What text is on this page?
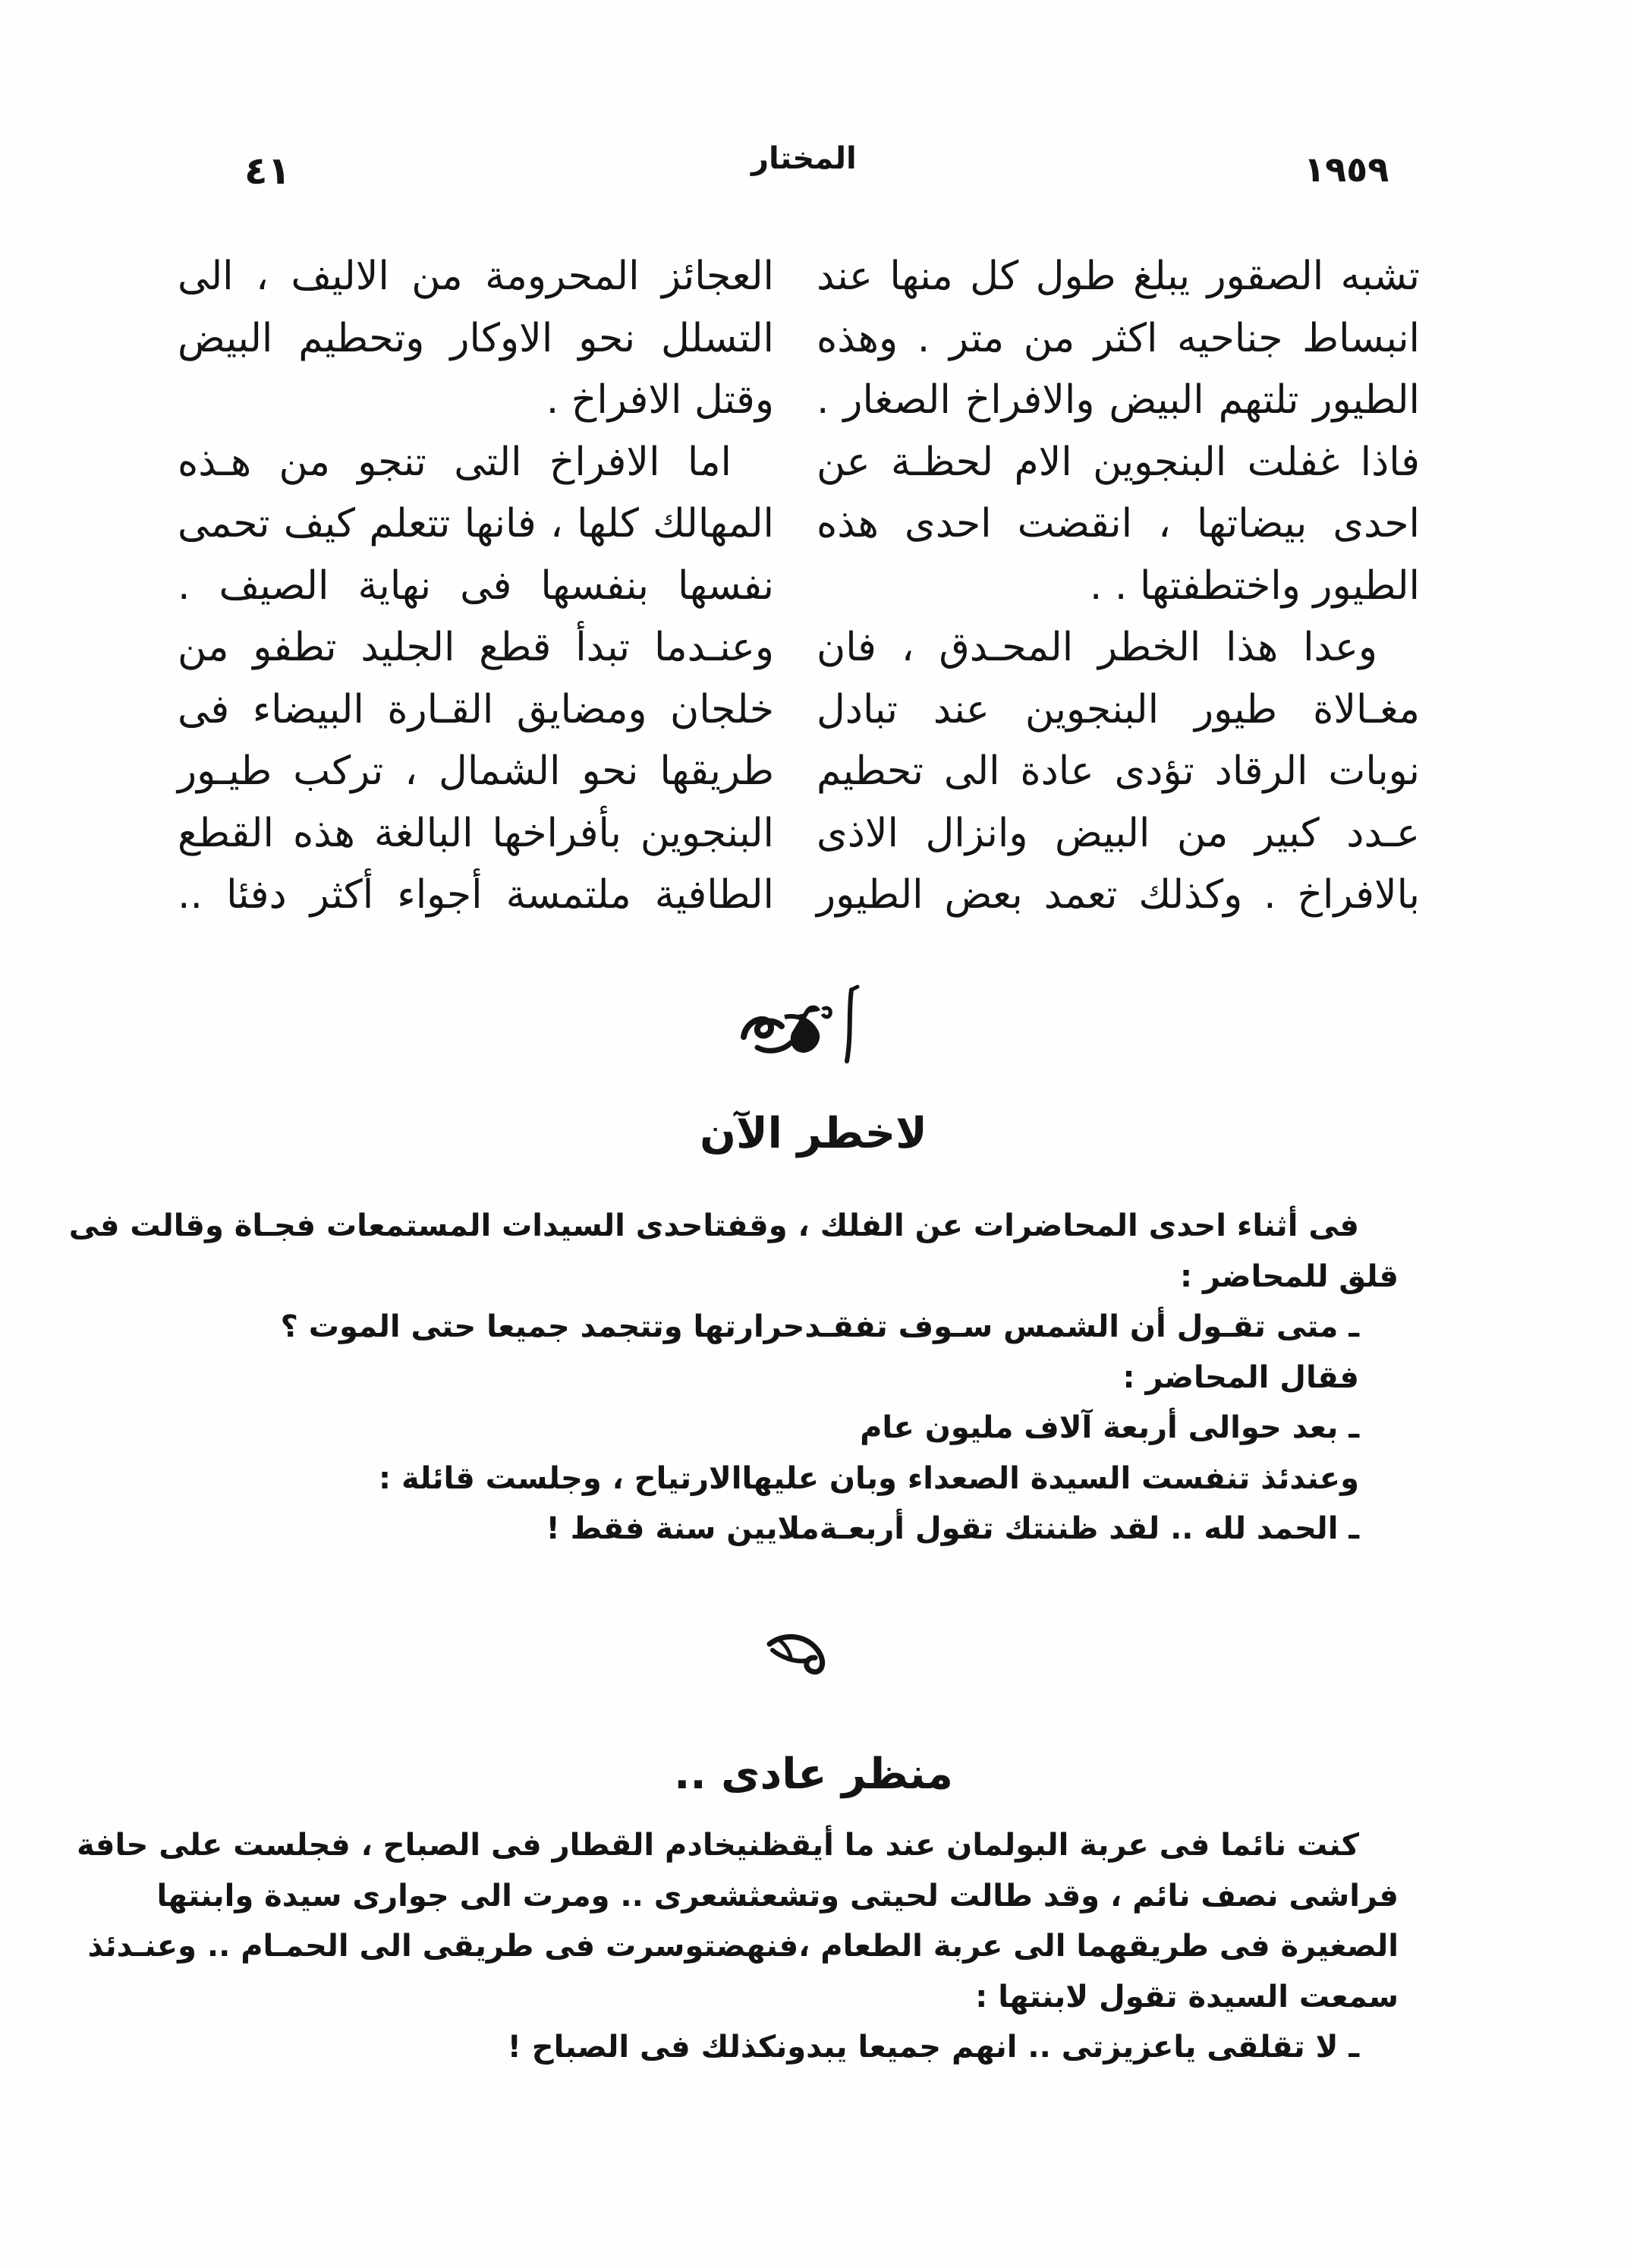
١٩٥٩
المختار
٤١
تشبه الصقور يبلغ طول كل منها عند
انبساط جناحيه اكثر من متر . وهذه
الطيور تلتهم البيض والافراخ الصغار .
فاذا غفلت البنجوين الام لحظـة عن
احدى بيضاتها ، انقضت احدى هذه
الطيور واختطفتها . .
وعدا هذا الخطر المحـدق ، فان
مغـالاة طيور البنجوين عند تبادل
نوبات الرقاد تؤدى عادة الى تحطيم
عـدد كبير من البيض وانزال الاذى
بالافراخ . وكذلك تعمد بعض الطيور
العجائز المحرومة من الاليف ، الى
التسلل نحو الاوكار وتحطيم البيض
وقتل الافراخ .
اما الافراخ التى تنجو من هـذه
المهالك كلها ، فانها تتعلم كيف تحمى
نفسها بنفسها فى نهاية الصيف .
وعنـدما تبدأ قطع الجليد تطفو من
خلجان ومضايق القـارة البيضاء فى
طريقها نحو الشمال ، تركب طيـور
البنجوين بأفراخها البالغة هذه القطع
الطافية ملتمسة أجواء أكثر دفئا ..
لاخطر الآن
فى أثناء احدى المحاضرات عن الفلك ، وقفتاحدى السيدات المستمعات فجـاة وقالت فى
قلق للمحاضر :
ـ متى تقـول أن الشمس سـوف تفقـدحرارتها وتتجمد جميعا حتى الموت ؟
فقال المحاضر :
ـ بعد حوالى أربعة آلاف مليون عام
وعندئذ تنفست السيدة الصعداء وبان عليهاالارتياح ، وجلست قائلة :
ـ الحمد لله .. لقد ظننتك تقول أربعـةملايين سنة فقط !
منظر عادى ..
كنت نائما فى عربة البولمان عند ما أيقظنيخادم القطار فى الصباح ، فجلست على حافة
فراشى نصف نائم ، وقد طالت لحيتى وتشعثشعرى .. ومرت الى جوارى سيدة وابنتها
الصغيرة فى طريقهما الى عربة الطعام ،فنهضتوسرت فى طريقى الى الحمـام .. وعنـدئذ
سمعت السيدة تقول لابنتها :
ـ لا تقلقى ياعزيزتى .. انهم جميعا يبدونكذلك فى الصباح !
